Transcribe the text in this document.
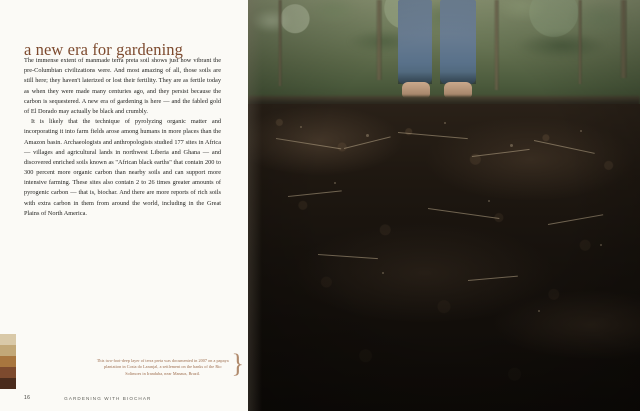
a new era for gardening

The immense extent of manmade terra preta soil shows just how vibrant the pre-Columbian civilizations were. And most amazing of all, those soils are still here; they haven't laterized or lost their fertility. They are as fertile today as when they were made many centuries ago, and they persist because the carbon is sequestered. A new era of gardening is here — and the fabled gold of El Dorado may actually be black and crumbly.

It is likely that the technique of pyrolyzing organic matter and incorporating it into farm fields arose among humans in more places than the Amazon basin. Archaeologists and anthropologists studied 177 sites in Africa — villages and agricultural lands in northwest Liberia and Ghana — and discovered enriched soils known as "African black earths" that contain 200 to 300 percent more organic carbon than nearby soils and can support more intensive farming. These sites also contain 2 to 26 times greater amounts of pyrogenic carbon — that is, biochar. And there are more reports of rich soils with extra carbon in them from around the world, including in the Great Plains of North America.

This two-foot-deep layer of terra preta was documented in 2007 on a papaya plantation in Costa do Laranjal, a settlement on the banks of the Rio Solimoes in Iranduba, near Manaus, Brazil.	}
16	GARDENING WITH BIOCHAR
